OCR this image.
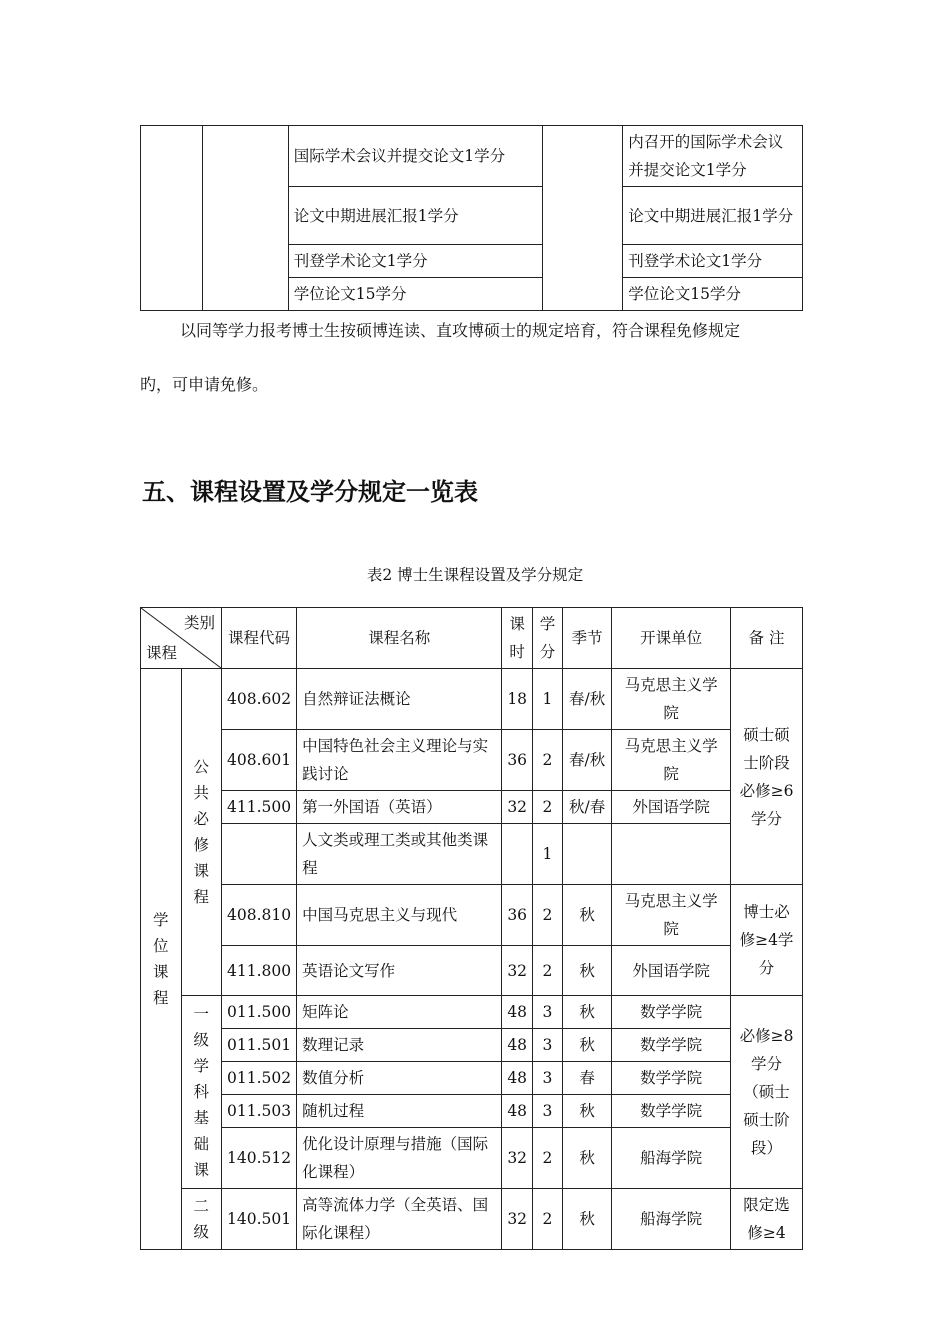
		国际学术会议并提交论文1学分		内召开的国际学术会议并提交论文1学分
		论文中期进展汇报1学分		论文中期进展汇报1学分
		刊登学术论文1学分		刊登学术论文1学分
		学位论文15学分		学位论文15学分
以同等学力报考博士生按硕博连读、直攻博硕士的规定培育，符合课程免修规定
旳，可申请免修。
五、课程设置及学分规定一览表
表2 博士生课程设置及学分规定
类别
课程		课程代码	课程名称	课时	学分	季节	开课单位	备 注
学位课程	公共必修课程	408.602	自然辩证法概论	18	1	春/秋	马克思主义学院	硕士硕士阶段必修≥6学分
		408.601	中国特色社会主义理论与实践讨论	36	2	春/秋	马克思主义学院	
		411.500	第一外国语（英语）	32	2	秋/春	外国语学院	
			人文类或理工类或其他类课程		1			
		408.810	中国马克思主义与现代	36	2	秋	马克思主义学院	博士必修≥4学分
		411.800	英语论文写作	32	2	秋	外国语学院	
	一级学科基础课	011.500	矩阵论	48	3	秋	数学学院	必修≥8学分（硕士硕士阶段）
		011.501	数理记录	48	3	秋	数学学院	
		011.502	数值分析	48	3	春	数学学院	
		011.503	随机过程	48	3	秋	数学学院	
		140.512	优化设计原理与措施（国际化课程）	32	2	秋	船海学院	
	二级	140.501	高等流体力学（全英语、国际化课程）	32	2	秋	船海学院	限定选修≥4
